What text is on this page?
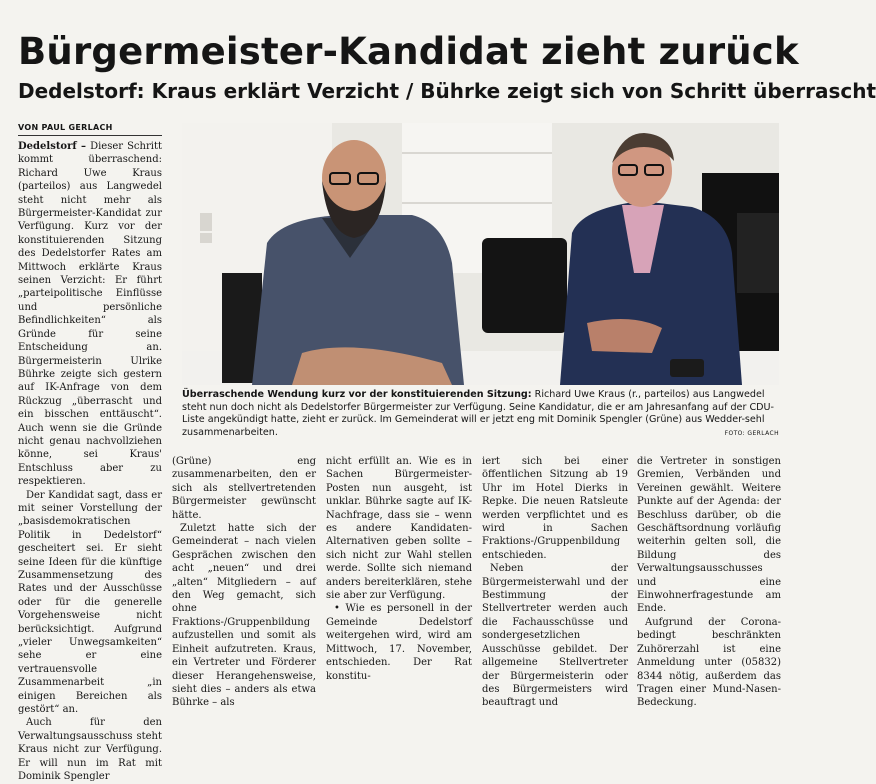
Bürgermeister-Kandidat zieht zurück
Dedelstorf: Kraus erklärt Verzicht / Bührke zeigt sich von Schritt überrascht
VON PAUL GERLACH

Dedelstorf – Dieser Schritt kommt überraschend: Richard Uwe Kraus (parteilos) aus Langwedel steht nicht mehr als Bürgermeister-Kandidat zur Verfügung. Kurz vor der konstituierenden Sitzung des Dedelstorfer Rates am Mittwoch erklärte Kraus seinen Verzicht: Er führt „parteipolitische Einflüsse und persönliche Befindlichkeiten“ als Gründe für seine Entscheidung an. Bürgermeisterin Ulrike Bührke zeigte sich gestern auf IK-Anfrage von dem Rückzug „überrascht und ein bisschen enttäuscht“. Auch wenn sie die Gründe nicht genau nachvollziehen könne, sei Kraus' Entschluss aber zu respektieren.

Der Kandidat sagt, dass er mit seiner Vorstellung der „basisdemokratischen Politik in Dedelstorf“ gescheitert sei. Er sieht seine Ideen für die künftige Zusammensetzung des Rates und der Ausschüsse oder für die generelle Vorgehensweise nicht berücksichtigt. Aufgrund „vieler Unwegsamkeiten“ sehe er eine vertrauensvolle Zusammenarbeit „in einigen Bereichen als gestört“ an.

Auch für den Verwaltungsausschuss steht Kraus nicht zur Verfügung. Er will nun im Rat mit Dominik Spengler

Überraschende Wendung kurz vor der konstituierenden Sitzung: Richard Uwe Kraus (r., parteilos) aus Langwedel steht nun doch nicht als Dedelstorfer Bürgermeister zur Verfügung. Seine Kandidatur, die er am Jahresanfang auf der CDU-Liste angekündigt hatte, zieht er zurück. Im Gemeinderat will er jetzt eng mit Dominik Spengler (Grüne) aus Wedder-sehl zusammenarbeiten.	FOTO: GERLACH

(Grüne) eng zusammenarbeiten, den er sich als stellvertretenden Bürgermeister gewünscht hätte.

Zuletzt hatte sich der Gemeinderat – nach vielen Gesprächen zwischen den acht „neuen“ und drei „alten“ Mitgliedern – auf den Weg gemacht, sich ohne Fraktions-/Gruppenbildung aufzustellen und somit als Einheit aufzutreten. Kraus, ein Vertreter und Förderer dieser Herangehensweise, sieht dies – anders als etwa Bührke – als

nicht erfüllt an. Wie es in Sachen Bürgermeister-Posten nun ausgeht, ist unklar. Bührke sagte auf IK-Nachfrage, dass sie – wenn es andere Kandidaten-Alternativen geben sollte – sich nicht zur Wahl stellen werde. Sollte sich niemand anders bereiterklären, stehe sie aber zur Verfügung.

• Wie es personell in der Gemeinde Dedelstorf weitergehen wird, wird am Mittwoch, 17. November, entschieden. Der Rat konstitu-

iert sich bei einer öffentlichen Sitzung ab 19 Uhr im Hotel Dierks in Repke. Die neuen Ratsleute werden verpflichtet und es wird in Sachen Fraktions-/Gruppenbildung entschieden.

Neben der Bürgermeisterwahl und der Bestimmung der Stellvertreter werden auch die Fachausschüsse und sondergesetzlichen Ausschüsse gebildet. Der allgemeine Stellvertreter der Bürgermeisterin oder des Bürgermeisters wird beauftragt und

die Vertreter in sonstigen Gremien, Verbänden und Vereinen gewählt. Weitere Punkte auf der Agenda: der Beschluss darüber, ob die Geschäftsordnung vorläufig weiterhin gelten soll, die Bildung des Verwaltungsausschusses und eine Einwohnerfragestunde am Ende.

Aufgrund der Corona-bedingt beschränkten Zuhörerzahl ist eine Anmeldung unter (05832) 8344 nötig, außerdem das Tragen einer Mund-Nasen-Bedeckung.
